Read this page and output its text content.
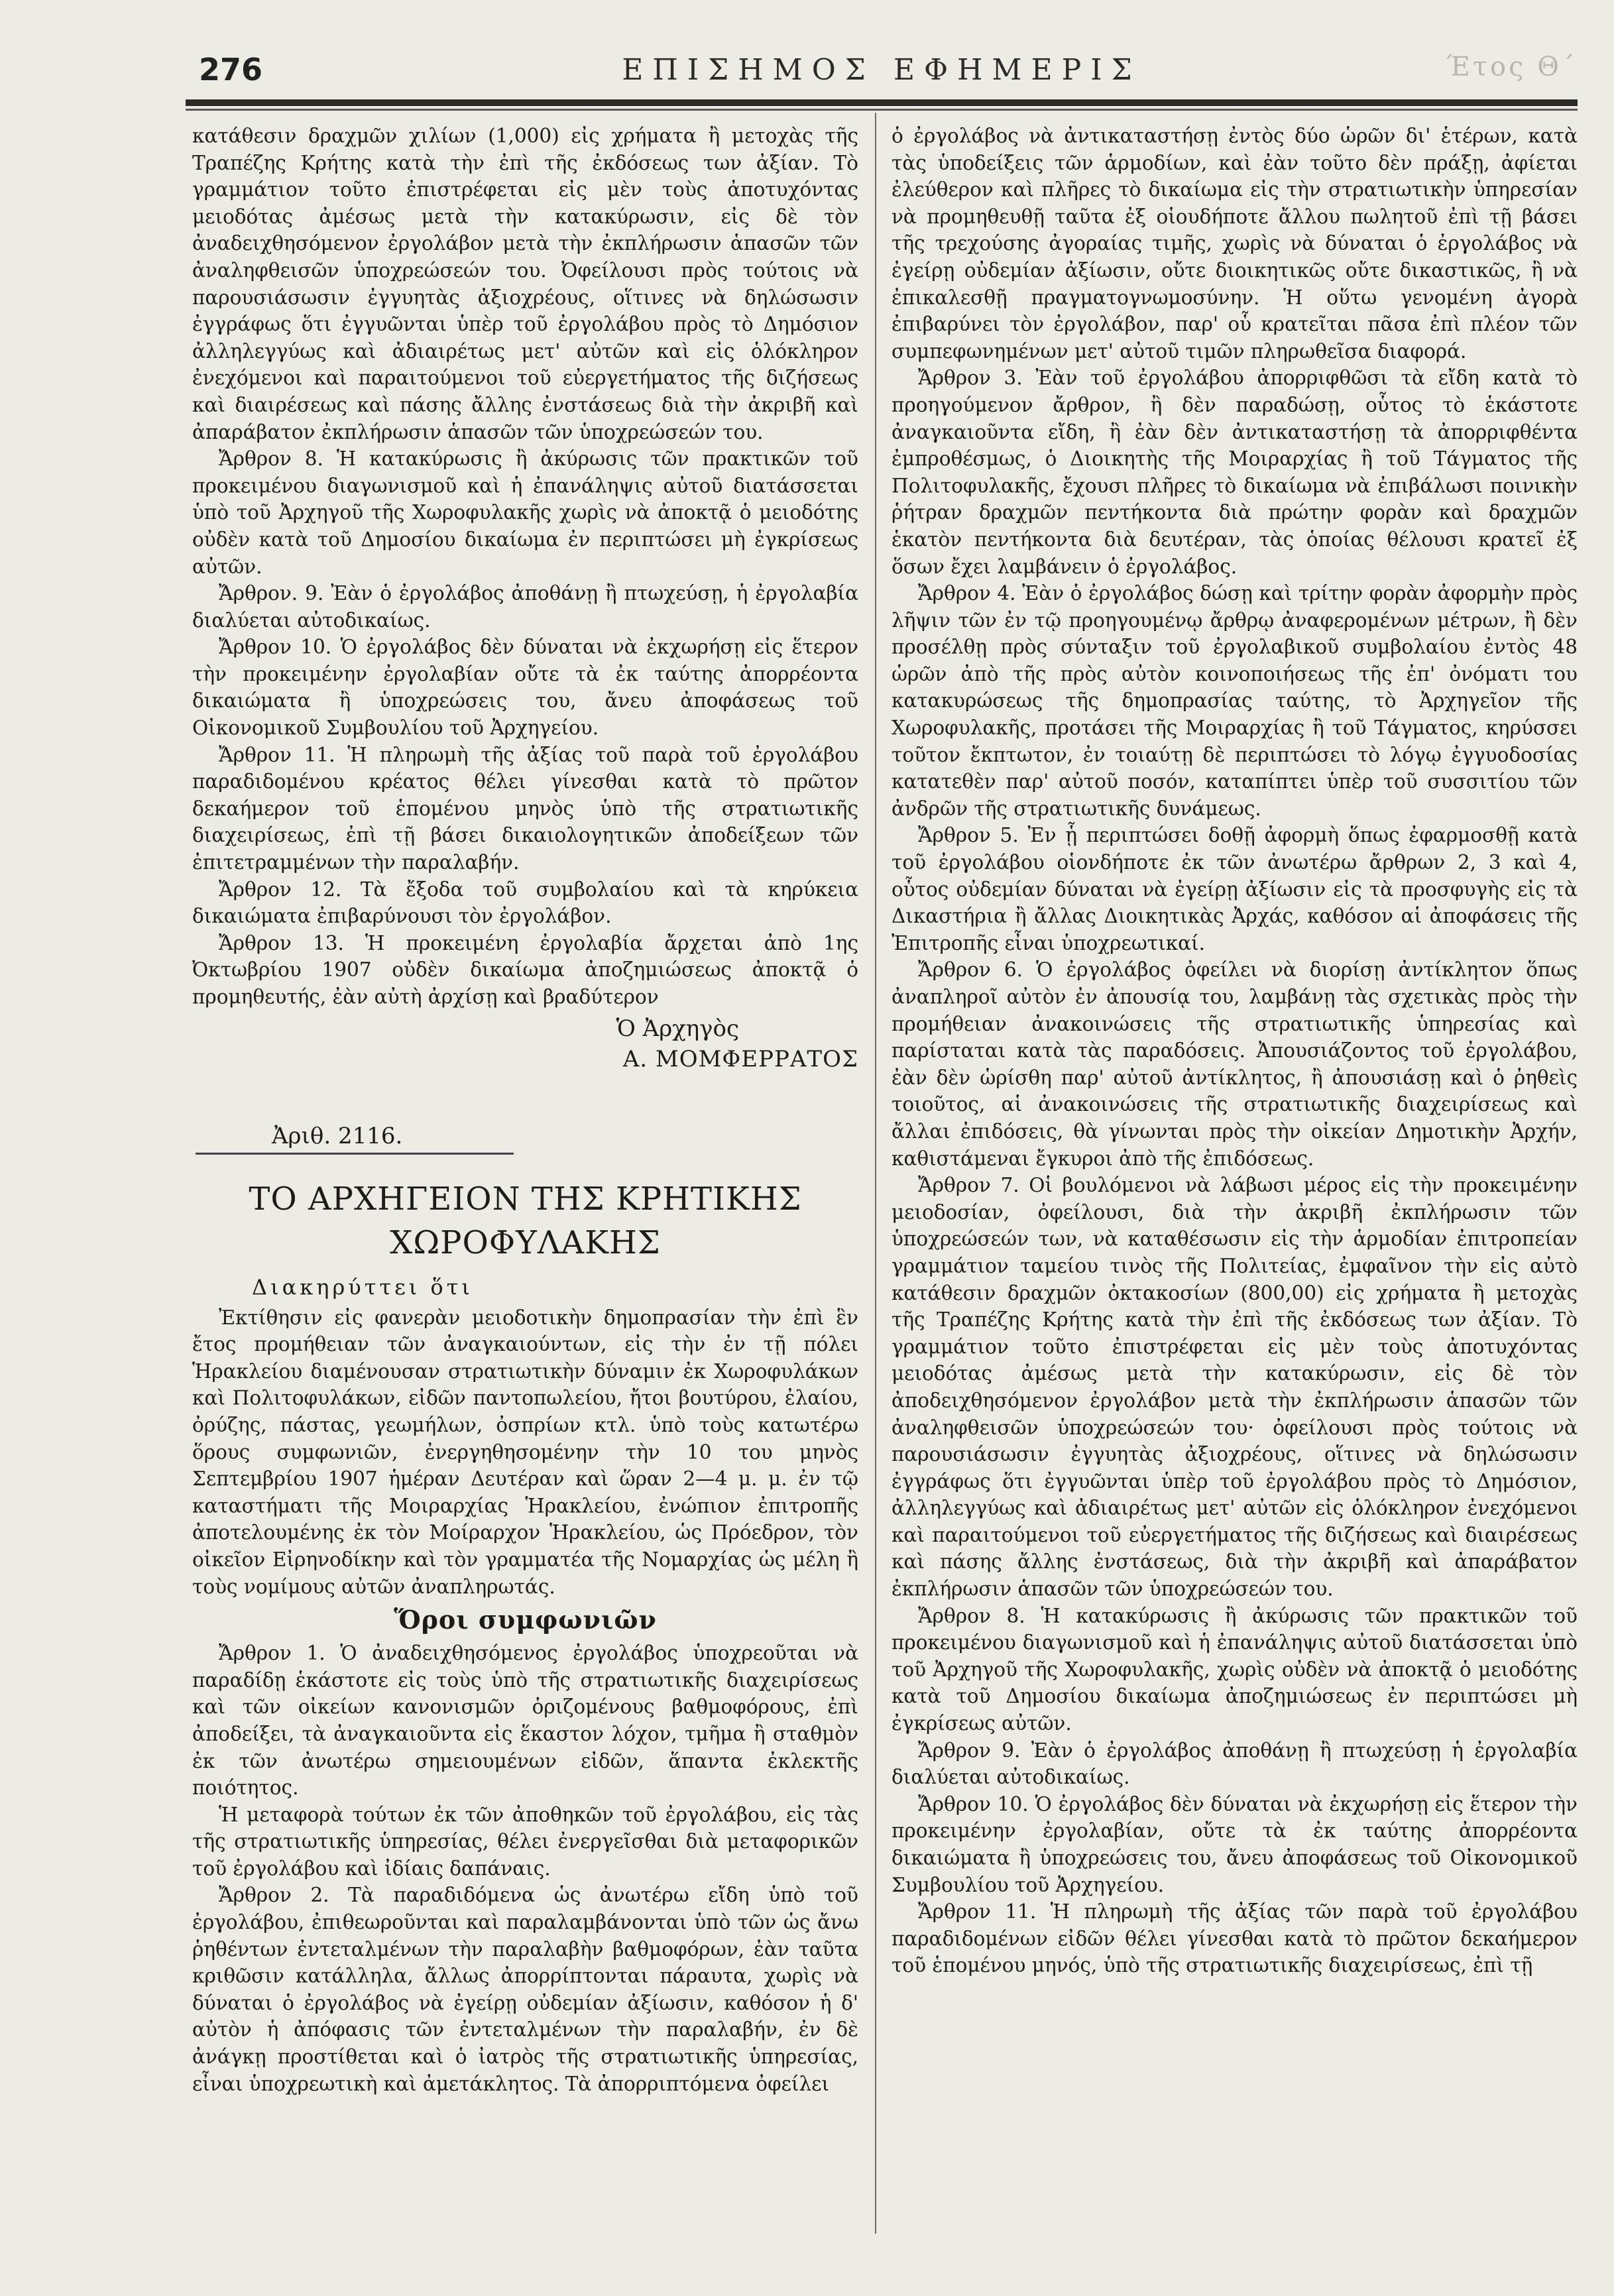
276	ΕΠΙΣΗΜΟΣ ΕΦΗΜΕΡΙΣ	Έτος Θ΄

κατάθεσιν δραχμῶν χιλίων (1,000) εἰς χρήματα ἢ μετοχὰς τῆς Τραπέζης Κρήτης κατὰ τὴν ἐπὶ τῆς ἐκδόσεως των ἀξίαν. Τὸ γραμμάτιον τοῦτο ἐπιστρέφεται εἰς μὲν τοὺς ἀποτυχόντας μειοδότας ἀμέσως μετὰ τὴν κατακύρωσιν, εἰς δὲ τὸν ἀναδειχθησόμενον ἐργολάβον μετὰ τὴν ἐκπλήρωσιν ἁπασῶν τῶν ἀναληφθεισῶν ὑποχρεώσεών του. Ὀφείλουσι πρὸς τούτοις νὰ παρουσιάσωσιν ἐγγυητὰς ἀξιοχρέους, οἵτινες νὰ δηλώσωσιν ἐγγράφως ὅτι ἐγγυῶνται ὑπὲρ τοῦ ἐργολάβου πρὸς τὸ Δημόσιον ἀλληλεγγύως καὶ ἀδιαιρέτως μετ' αὐτῶν καὶ εἰς ὁλόκληρον ἐνεχόμενοι καὶ παραιτούμενοι τοῦ εὐεργετήματος τῆς διζήσεως καὶ διαιρέσεως καὶ πάσης ἄλλης ἐνστάσεως διὰ τὴν ἀκριβῆ καὶ ἀπαράβατον ἐκπλήρωσιν ἁπασῶν τῶν ὑποχρεώσεών του.

Ἄρθρον 8. Ἡ κατακύρωσις ἢ ἀκύρωσις τῶν πρακτικῶν τοῦ προκειμένου διαγωνισμοῦ καὶ ἡ ἐπανάληψις αὐτοῦ διατάσσεται ὑπὸ τοῦ Ἀρχηγοῦ τῆς Χωροφυλακῆς χωρὶς νὰ ἀποκτᾷ ὁ μειοδότης οὐδὲν κατὰ τοῦ Δημοσίου δικαίωμα ἐν περιπτώσει μὴ ἐγκρίσεως αὐτῶν.

Ἄρθρον. 9. Ἐὰν ὁ ἐργολάβος ἀποθάνῃ ἢ πτωχεύσῃ, ἡ ἐργολαβία διαλύεται αὐτοδικαίως.

Ἄρθρον 10. Ὁ ἐργολάβος δὲν δύναται νὰ ἐκχωρήσῃ εἰς ἕτερον τὴν προκειμένην ἐργολαβίαν οὔτε τὰ ἐκ ταύτης ἀπορρέοντα δικαιώματα ἢ ὑποχρεώσεις του, ἄνευ ἀποφάσεως τοῦ Οἰκονομικοῦ Συμβουλίου τοῦ Ἀρχηγείου.

Ἄρθρον 11. Ἡ πληρωμὴ τῆς ἀξίας τοῦ παρὰ τοῦ ἐργολάβου παραδιδομένου κρέατος θέλει γίνεσθαι κατὰ τὸ πρῶτον δεκαήμερον τοῦ ἑπομένου μηνὸς ὑπὸ τῆς στρατιωτικῆς διαχειρίσεως, ἐπὶ τῇ βάσει δικαιολογητικῶν ἀποδείξεων τῶν ἐπιτετραμμένων τὴν παραλαβήν.

Ἄρθρον 12. Τὰ ἔξοδα τοῦ συμβολαίου καὶ τὰ κηρύκεια δικαιώματα ἐπιβαρύνουσι τὸν ἐργολάβον.

Ἄρθρον 13. Ἡ προκειμένη ἐργολαβία ἄρχεται ἀπὸ 1ης Ὀκτωβρίου 1907 οὐδὲν δικαίωμα ἀποζημιώσεως ἀποκτᾷ ὁ προμηθευτής, ἐὰν αὐτὴ ἀρχίσῃ καὶ βραδύτερον

Ὁ Ἀρχηγὸς
Α. ΜΟΜΦΕΡΡΑΤΟΣ
Ἀριθ. 2116.
ΤΟ ΑΡΧΗΓΕΙΟΝ ΤΗΣ ΚΡΗΤΙΚΗΣ
ΧΩΡΟΦΥΛΑΚΗΣ
Διακηρύττει ὅτι

Ἐκτίθησιν εἰς φανερὰν μειοδοτικὴν δημοπρασίαν τὴν ἐπὶ ἓν ἔτος προμήθειαν τῶν ἀναγκαιούντων, εἰς τὴν ἐν τῇ πόλει Ἡρακλείου διαμένουσαν στρατιωτικὴν δύναμιν ἐκ Χωροφυλάκων καὶ Πολιτοφυλάκων, εἰδῶν παντοπωλείου, ἤτοι βουτύρου, ἐλαίου, ὀρύζης, πάστας, γεωμήλων, ὀσπρίων κτλ. ὑπὸ τοὺς κατωτέρω ὅρους συμφωνιῶν, ἐνεργηθησομένην τὴν 10 του μηνὸς Σεπτεμβρίου 1907 ἡμέραν Δευτέραν καὶ ὥραν 2—4 μ. μ. ἐν τῷ καταστήματι τῆς Μοιραρχίας Ἡρακλείου, ἐνώπιον ἐπιτροπῆς ἀποτελουμένης ἐκ τὸν Μοίραρχον Ἡρακλείου, ὡς Πρόεδρον, τὸν οἰκεῖον Εἰρηνοδίκην καὶ τὸν γραμματέα τῆς Νομαρχίας ὡς μέλη ἢ τοὺς νομίμους αὐτῶν ἀναπληρωτάς.

Ὅροι συμφωνιῶν

Ἄρθρον 1. Ὁ ἀναδειχθησόμενος ἐργολάβος ὑποχρεοῦται νὰ παραδίδῃ ἑκάστοτε εἰς τοὺς ὑπὸ τῆς στρατιωτικῆς διαχειρίσεως καὶ τῶν οἰκείων κανονισμῶν ὁριζομένους βαθμοφόρους, ἐπὶ ἀποδείξει, τὰ ἀναγκαιοῦντα εἰς ἕκαστον λόχον, τμῆμα ἢ σταθμὸν ἐκ τῶν ἀνωτέρω σημειουμένων εἰδῶν, ἅπαντα ἐκλεκτῆς ποιότητος.

Ἡ μεταφορὰ τούτων ἐκ τῶν ἀποθηκῶν τοῦ ἐργολάβου, εἰς τὰς τῆς στρατιωτικῆς ὑπηρεσίας, θέλει ἐνεργεῖσθαι διὰ μεταφορικῶν τοῦ ἐργολάβου καὶ ἰδίαις δαπάναις.

Ἄρθρον 2. Τὰ παραδιδόμενα ὡς ἀνωτέρω εἴδη ὑπὸ τοῦ ἐργολάβου, ἐπιθεωροῦνται καὶ παραλαμβάνονται ὑπὸ τῶν ὡς ἄνω ῥηθέντων ἐντεταλμένων τὴν παραλαβὴν βαθμοφόρων, ἐὰν ταῦτα κριθῶσιν κατάλληλα, ἄλλως ἀπορρίπτονται πάραυτα, χωρὶς νὰ δύναται ὁ ἐργολάβος νὰ ἐγείρῃ οὐδεμίαν ἀξίωσιν, καθόσον ἡ δ' αὐτὸν ἡ ἀπόφασις τῶν ἐντεταλμένων τὴν παραλαβήν, ἐν δὲ ἀνάγκῃ προστίθεται καὶ ὁ ἰατρὸς τῆς στρατιωτικῆς ὑπηρεσίας, εἶναι ὑποχρεωτικὴ καὶ ἀμετάκλητος. Τὰ ἀπορριπτόμενα ὀφείλει

ὁ ἐργολάβος νὰ ἀντικαταστήσῃ ἐντὸς δύο ὡρῶν δι' ἑτέρων, κατὰ τὰς ὑποδείξεις τῶν ἁρμοδίων, καὶ ἐὰν τοῦτο δὲν πράξῃ, ἀφίεται ἐλεύθερον καὶ πλῆρες τὸ δικαίωμα εἰς τὴν στρατιωτικὴν ὑπηρεσίαν νὰ προμηθευθῇ ταῦτα ἐξ οἱουδήποτε ἄλλου πωλητοῦ ἐπὶ τῇ βάσει τῆς τρεχούσης ἀγοραίας τιμῆς, χωρὶς νὰ δύναται ὁ ἐργολάβος νὰ ἐγείρῃ οὐδεμίαν ἀξίωσιν, οὔτε διοικητικῶς οὔτε δικαστικῶς, ἢ νὰ ἐπικαλεσθῇ πραγματογνωμοσύνην. Ἡ οὕτω γενομένη ἀγορὰ ἐπιβαρύνει τὸν ἐργολάβον, παρ' οὗ κρατεῖται πᾶσα ἐπὶ πλέον τῶν συμπεφωνημένων μετ' αὐτοῦ τιμῶν πληρωθεῖσα διαφορά.

Ἄρθρον 3. Ἐὰν τοῦ ἐργολάβου ἀπορριφθῶσι τὰ εἴδη κατὰ τὸ προηγούμενον ἄρθρον, ἢ δὲν παραδώσῃ, οὗτος τὸ ἑκάστοτε ἀναγκαιοῦντα εἴδη, ἢ ἐὰν δὲν ἀντικαταστήσῃ τὰ ἀπορριφθέντα ἐμπροθέσμως, ὁ Διοικητὴς τῆς Μοιραρχίας ἢ τοῦ Τάγματος τῆς Πολιτοφυλακῆς, ἔχουσι πλῆρες τὸ δικαίωμα νὰ ἐπιβάλωσι ποινικὴν ῥήτραν δραχμῶν πεντήκοντα διὰ πρώτην φορὰν καὶ δραχμῶν ἑκατὸν πεντήκοντα διὰ δευτέραν, τὰς ὁποίας θέλουσι κρατεῖ ἐξ ὅσων ἔχει λαμβάνειν ὁ ἐργολάβος.

Ἄρθρον 4. Ἐὰν ὁ ἐργολάβος δώσῃ καὶ τρίτην φορὰν ἀφορμὴν πρὸς λῆψιν τῶν ἐν τῷ προηγουμένῳ ἄρθρῳ ἀναφερομένων μέτρων, ἢ δὲν προσέλθῃ πρὸς σύνταξιν τοῦ ἐργολαβικοῦ συμβολαίου ἐντὸς 48 ὡρῶν ἀπὸ τῆς πρὸς αὐτὸν κοινοποιήσεως τῆς ἐπ' ὀνόματι του κατακυρώσεως τῆς δημοπρασίας ταύτης, τὸ Ἀρχηγεῖον τῆς Χωροφυλακῆς, προτάσει τῆς Μοιραρχίας ἢ τοῦ Τάγματος, κηρύσσει τοῦτον ἔκπτωτον, ἐν τοιαύτῃ δὲ περιπτώσει τὸ λόγῳ ἐγγυοδοσίας κατατεθὲν παρ' αὐτοῦ ποσόν, καταπίπτει ὑπὲρ τοῦ συσσιτίου τῶν ἀνδρῶν τῆς στρατιωτικῆς δυνάμεως.

Ἄρθρον 5. Ἐν ᾗ περιπτώσει δοθῇ ἀφορμὴ ὅπως ἐφαρμοσθῇ κατὰ τοῦ ἐργολάβου οἱονδήποτε ἐκ τῶν ἀνωτέρω ἄρθρων 2, 3 καὶ 4, οὗτος οὐδεμίαν δύναται νὰ ἐγείρῃ ἀξίωσιν εἰς τὰ προσφυγὴς εἰς τὰ Δικαστήρια ἢ ἄλλας Διοικητικὰς Ἀρχάς, καθόσον αἱ ἀποφάσεις τῆς Ἐπιτροπῆς εἶναι ὑποχρεωτικαί.

Ἄρθρον 6. Ὁ ἐργολάβος ὀφείλει νὰ διορίσῃ ἀντίκλητον ὅπως ἀναπληροῖ αὐτὸν ἐν ἀπουσίᾳ του, λαμβάνῃ τὰς σχετικὰς πρὸς τὴν προμήθειαν ἀνακοινώσεις τῆς στρατιωτικῆς ὑπηρεσίας καὶ παρίσταται κατὰ τὰς παραδόσεις. Ἀπουσιάζοντος τοῦ ἐργολάβου, ἐὰν δὲν ὡρίσθη παρ' αὐτοῦ ἀντίκλητος, ἢ ἀπουσιάσῃ καὶ ὁ ῥηθεὶς τοιοῦτος, αἱ ἀνακοινώσεις τῆς στρατιωτικῆς διαχειρίσεως καὶ ἄλλαι ἐπιδόσεις, θὰ γίνωνται πρὸς τὴν οἰκείαν Δημοτικὴν Ἀρχήν, καθιστάμεναι ἔγκυροι ἀπὸ τῆς ἐπιδόσεως.

Ἄρθρον 7. Οἱ βουλόμενοι νὰ λάβωσι μέρος εἰς τὴν προκειμένην μειοδοσίαν, ὀφείλουσι, διὰ τὴν ἀκριβῆ ἐκπλήρωσιν τῶν ὑποχρεώσεών των, νὰ καταθέσωσιν εἰς τὴν ἁρμοδίαν ἐπιτροπείαν γραμμάτιον ταμείου τινὸς τῆς Πολιτείας, ἐμφαῖνον τὴν εἰς αὐτὸ κατάθεσιν δραχμῶν ὀκτακοσίων (800,00) εἰς χρήματα ἢ μετοχὰς τῆς Τραπέζης Κρήτης κατὰ τὴν ἐπὶ τῆς ἐκδόσεως των ἀξίαν. Τὸ γραμμάτιον τοῦτο ἐπιστρέφεται εἰς μὲν τοὺς ἀποτυχόντας μειοδότας ἀμέσως μετὰ τὴν κατακύρωσιν, εἰς δὲ τὸν ἀποδειχθησόμενον ἐργολάβον μετὰ τὴν ἐκπλήρωσιν ἁπασῶν τῶν ἀναληφθεισῶν ὑποχρεώσεών του· ὀφείλουσι πρὸς τούτοις νὰ παρουσιάσωσιν ἐγγυητὰς ἀξιοχρέους, οἵτινες νὰ δηλώσωσιν ἐγγράφως ὅτι ἐγγυῶνται ὑπὲρ τοῦ ἐργολάβου πρὸς τὸ Δημόσιον, ἀλληλεγγύως καὶ ἀδιαιρέτως μετ' αὐτῶν εἰς ὁλόκληρον ἐνεχόμενοι καὶ παραιτούμενοι τοῦ εὐεργετήματος τῆς διζήσεως καὶ διαιρέσεως καὶ πάσης ἄλλης ἐνστάσεως, διὰ τὴν ἀκριβῆ καὶ ἀπαράβατον ἐκπλήρωσιν ἁπασῶν τῶν ὑποχρεώσεών του.

Ἄρθρον 8. Ἡ κατακύρωσις ἢ ἀκύρωσις τῶν πρακτικῶν τοῦ προκειμένου διαγωνισμοῦ καὶ ἡ ἐπανάληψις αὐτοῦ διατάσσεται ὑπὸ τοῦ Ἀρχηγοῦ τῆς Χωροφυλακῆς, χωρὶς οὐδὲν νὰ ἀποκτᾷ ὁ μειοδότης κατὰ τοῦ Δημοσίου δικαίωμα ἀποζημιώσεως ἐν περιπτώσει μὴ ἐγκρίσεως αὐτῶν.

Ἄρθρον 9. Ἐὰν ὁ ἐργολάβος ἀποθάνῃ ἢ πτωχεύσῃ ἡ ἐργολαβία διαλύεται αὐτοδικαίως.

Ἄρθρον 10. Ὁ ἐργολάβος δὲν δύναται νὰ ἐκχωρήσῃ εἰς ἕτερον τὴν προκειμένην ἐργολαβίαν, οὔτε τὰ ἐκ ταύτης ἀπορρέοντα δικαιώματα ἢ ὑποχρεώσεις του, ἄνευ ἀποφάσεως τοῦ Οἰκονομικοῦ Συμβουλίου τοῦ Ἀρχηγείου.

Ἄρθρον 11. Ἡ πληρωμὴ τῆς ἀξίας τῶν παρὰ τοῦ ἐργολάβου παραδιδομένων εἰδῶν θέλει γίνεσθαι κατὰ τὸ πρῶτον δεκαήμερον τοῦ ἑπομένου μηνός, ὑπὸ τῆς στρατιωτικῆς διαχειρίσεως, ἐπὶ τῇ
